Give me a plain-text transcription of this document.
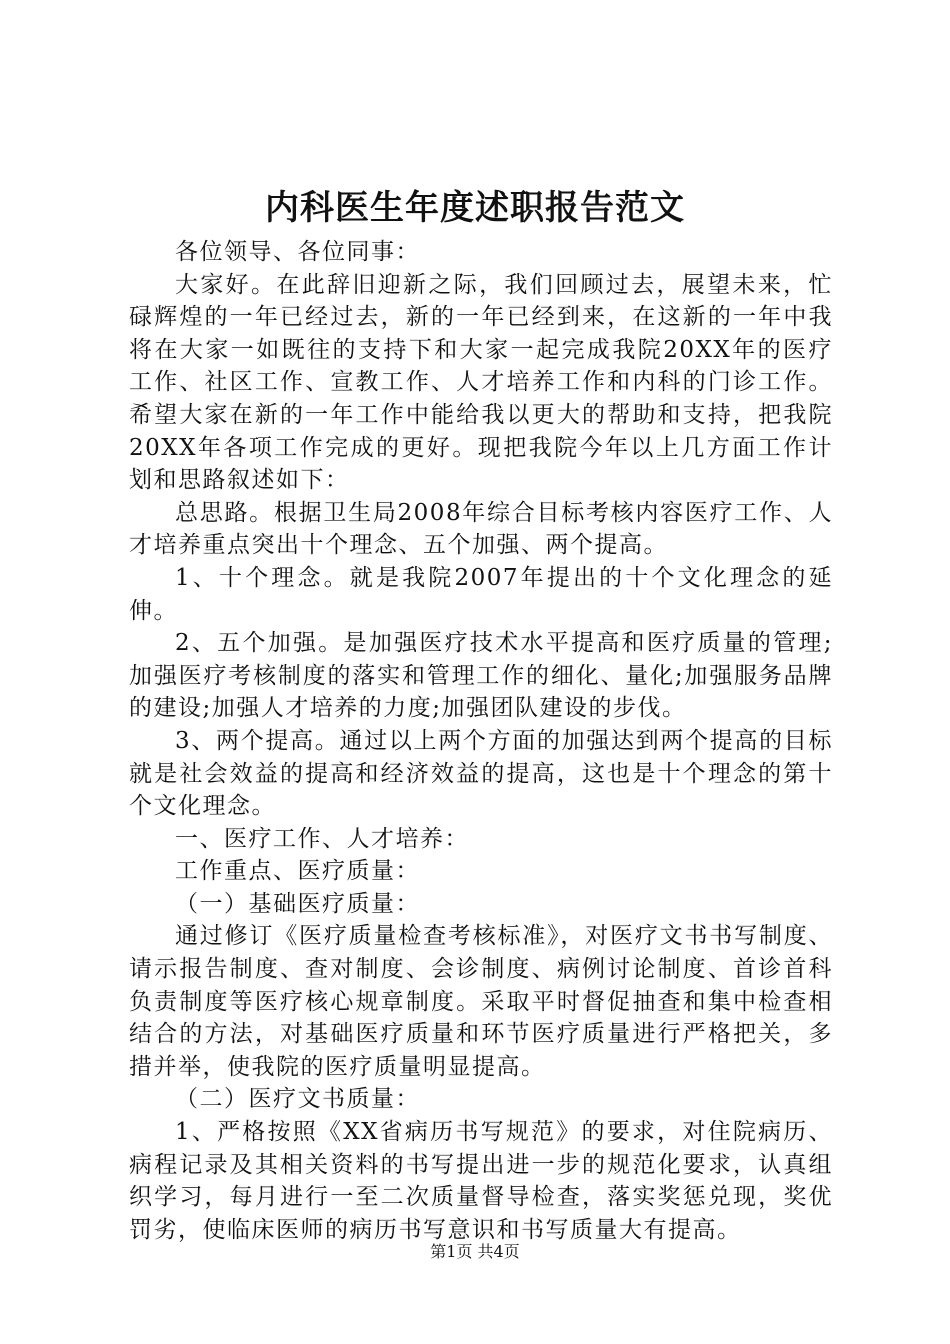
内科医生年度述职报告范文

各位领导、各位同事：

大家好。在此辞旧迎新之际，我们回顾过去，展望未来，忙碌辉煌的一年已经过去，新的一年已经到来，在这新的一年中我将在大家一如既往的支持下和大家一起完成我院20XX年的医疗工作、社区工作、宣教工作、人才培养工作和内科的门诊工作。希望大家在新的一年工作中能给我以更大的帮助和支持，把我院20XX年各项工作完成的更好。现把我院今年以上几方面工作计划和思路叙述如下：

总思路。根据卫生局2008年综合目标考核内容医疗工作、人才培养重点突出十个理念、五个加强、两个提高。

1、十个理念。就是我院2007年提出的十个文化理念的延伸。

2、五个加强。是加强医疗技术水平提高和医疗质量的管理;加强医疗考核制度的落实和管理工作的细化、量化;加强服务品牌的建设;加强人才培养的力度;加强团队建设的步伐。

3、两个提高。通过以上两个方面的加强达到两个提高的目标就是社会效益的提高和经济效益的提高，这也是十个理念的第十个文化理念。

一、医疗工作、人才培养：

工作重点、医疗质量：

（一）基础医疗质量：

通过修订《医疗质量检查考核标准》，对医疗文书书写制度、请示报告制度、查对制度、会诊制度、病例讨论制度、首诊首科负责制度等医疗核心规章制度。采取平时督促抽查和集中检查相结合的方法，对基础医疗质量和环节医疗质量进行严格把关，多措并举，使我院的医疗质量明显提高。

（二）医疗文书质量：

1、严格按照《XX省病历书写规范》的要求，对住院病历、病程记录及其相关资料的书写提出进一步的规范化要求，认真组织学习，每月进行一至二次质量督导检查，落实奖惩兑现，奖优罚劣，使临床医师的病历书写意识和书写质量大有提高。

第1页 共4页
